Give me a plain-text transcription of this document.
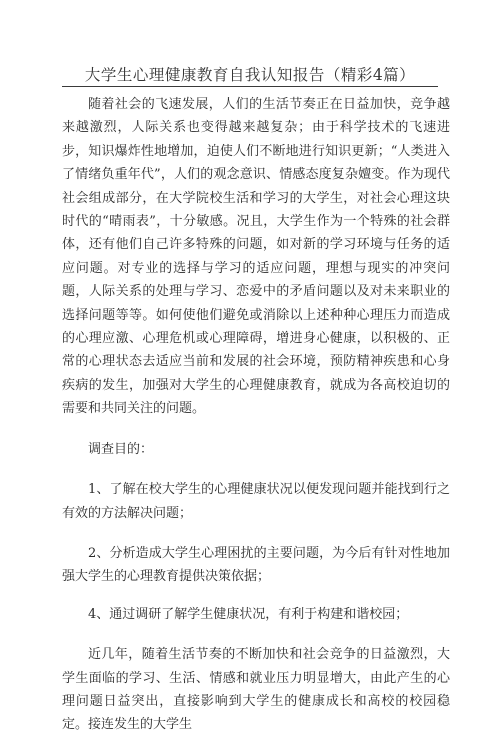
大学生心理健康教育自我认知报告（精彩4篇）

随着社会的飞速发展，人们的生活节奏正在日益加快，竞争越来越激烈，人际关系也变得越来越复杂；由于科学技术的飞速进步，知识爆炸性地增加，迫使人们不断地进行知识更新；“人类进入了情绪负重年代”，人们的观念意识、情感态度复杂嬗变。作为现代社会组成部分，在大学院校生活和学习的大学生，对社会心理这块时代的“晴雨表”，十分敏感。况且，大学生作为一个特殊的社会群体，还有他们自己许多特殊的问题，如对新的学习环境与任务的适应问题。对专业的选择与学习的适应问题，理想与现实的冲突问题，人际关系的处理与学习、恋爱中的矛盾问题以及对未来职业的选择问题等等。如何使他们避免或消除以上述种种心理压力而造成的心理应激、心理危机或心理障碍，增进身心健康，以积极的、正常的心理状态去适应当前和发展的社会环境，预防精神疾患和心身疾病的发生，加强对大学生的心理健康教育，就成为各高校迫切的需要和共同关注的问题。

调查目的：

1、了解在校大学生的心理健康状况以便发现问题并能找到行之有效的方法解决问题；

2、分析造成大学生心理困扰的主要问题，为今后有针对性地加强大学生的心理教育提供决策依据；

4、通过调研了解学生健康状况，有利于构建和谐校园；

近几年，随着生活节奏的不断加快和社会竞争的日益激烈，大学生面临的学习、生活、情感和就业压力明显增大，由此产生的心理问题日益突出，直接影响到大学生的健康成长和高校的校园稳定。接连发生的大学生
